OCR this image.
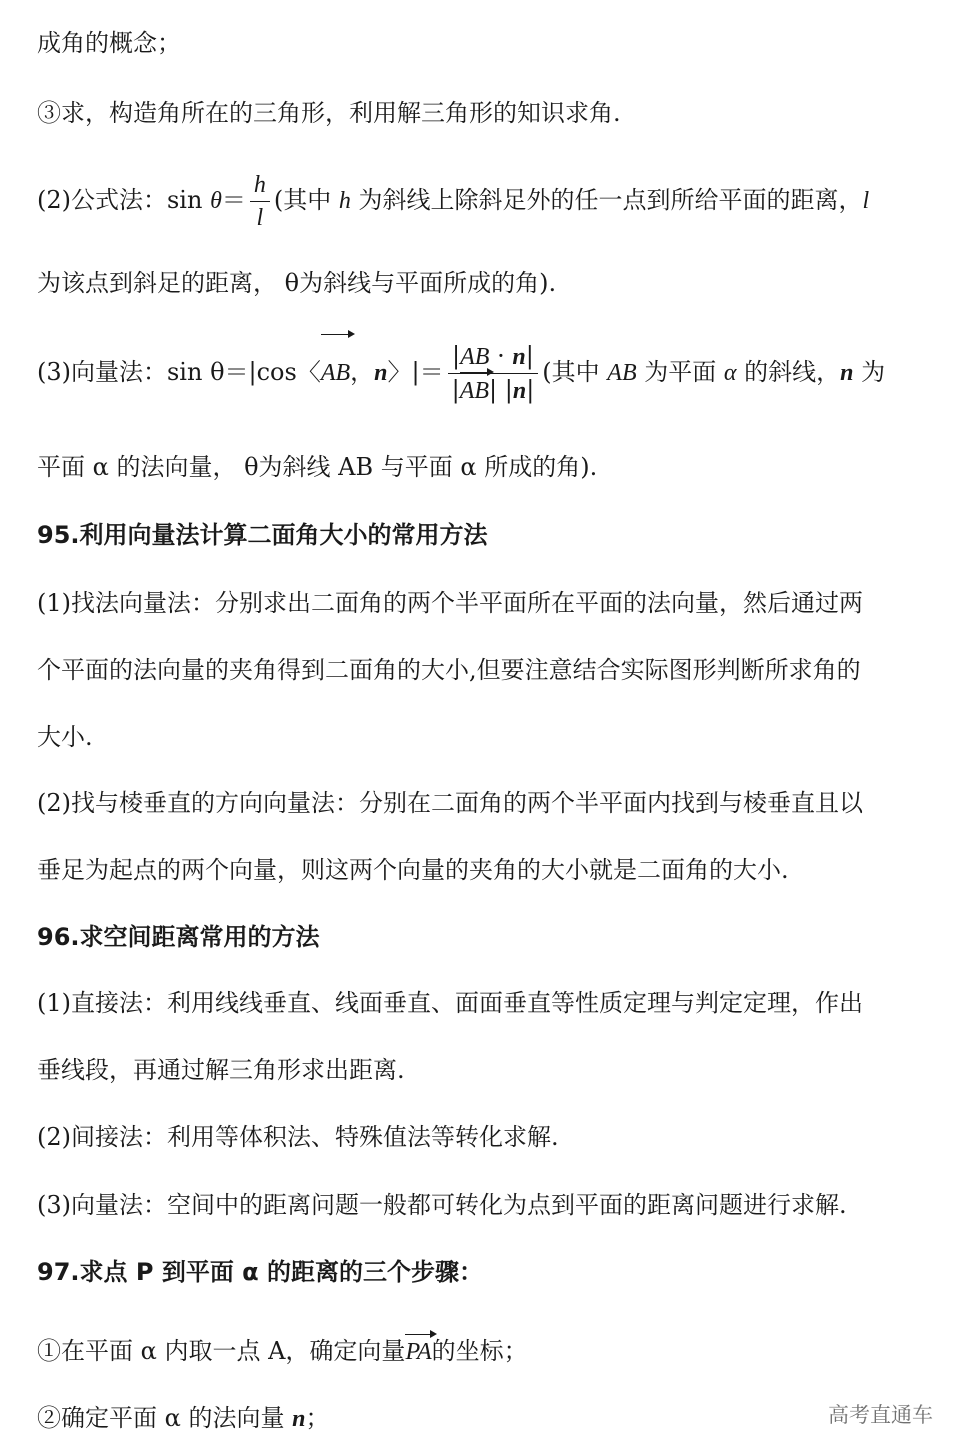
成角的概念；
③求，构造角所在的三角形，利用解三角形的知识求角.
(2)公式法：$\sin \theta= \frac{h}{l}$ (其中 h 为斜线上除斜足外的任一点到所给平面的距离，l
为该点到斜足的距离， θ为斜线与平面所成的角).
(3)向量法：sin θ＝|cos〈AB，n〉|＝ $\frac{|AB \cdot n|}{|AB| |n|}$ (其中 AB 为平面 α 的斜线，n 为
平面 α 的法向量， θ为斜线 AB 与平面 α 所成的角).
95.利用向量法计算二面角大小的常用方法
(1)找法向量法：分别求出二面角的两个半平面所在平面的法向量，然后通过两
个平面的法向量的夹角得到二面角的大小,但要注意结合实际图形判断所求角的
大小.
(2)找与棱垂直的方向向量法：分别在二面角的两个半平面内找到与棱垂直且以
垂足为起点的两个向量，则这两个向量的夹角的大小就是二面角的大小.
96.求空间距离常用的方法
(1)直接法：利用线线垂直、线面垂直、面面垂直等性质定理与判定定理，作出
垂线段，再通过解三角形求出距离.
(2)间接法：利用等体积法、特殊值法等转化求解.
(3)向量法：空间中的距离问题一般都可转化为点到平面的距离问题进行求解.
97.求点 P 到平面 α 的距离的三个步骤：
①在平面 α 内取一点 A，确定向量PA的坐标；
②确定平面 α 的法向量 n；	高考直通车
